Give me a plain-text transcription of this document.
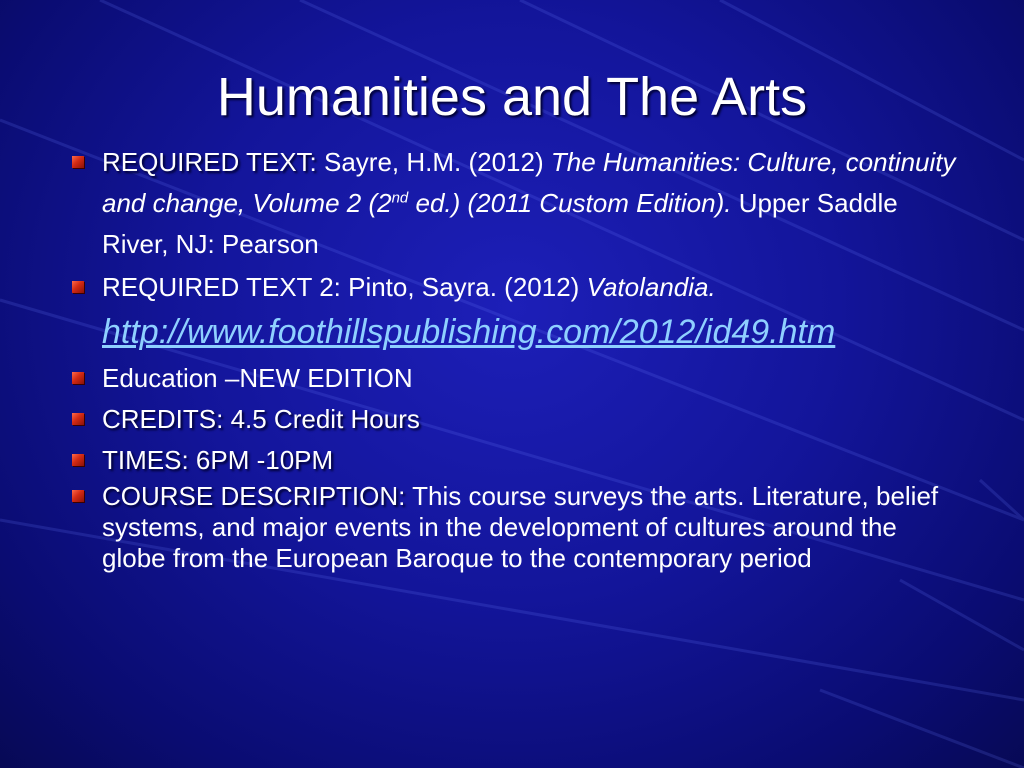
Humanities and The Arts
REQUIRED TEXT: Sayre, H.M. (2012) The Humanities: Culture, continuity and change, Volume 2 (2nd ed.) (2011 Custom Edition). Upper Saddle River, NJ: Pearson
REQUIRED TEXT 2: Pinto, Sayra. (2012) Vatolandia.
http://www.foothillspublishing.com/2012/id49.htm
Education –NEW EDITION
CREDITS: 4.5 Credit Hours
TIMES: 6PM -10PM
COURSE DESCRIPTION: This course surveys the arts. Literature, belief systems, and major events in the development of cultures around the globe from the European Baroque to the contemporary period
